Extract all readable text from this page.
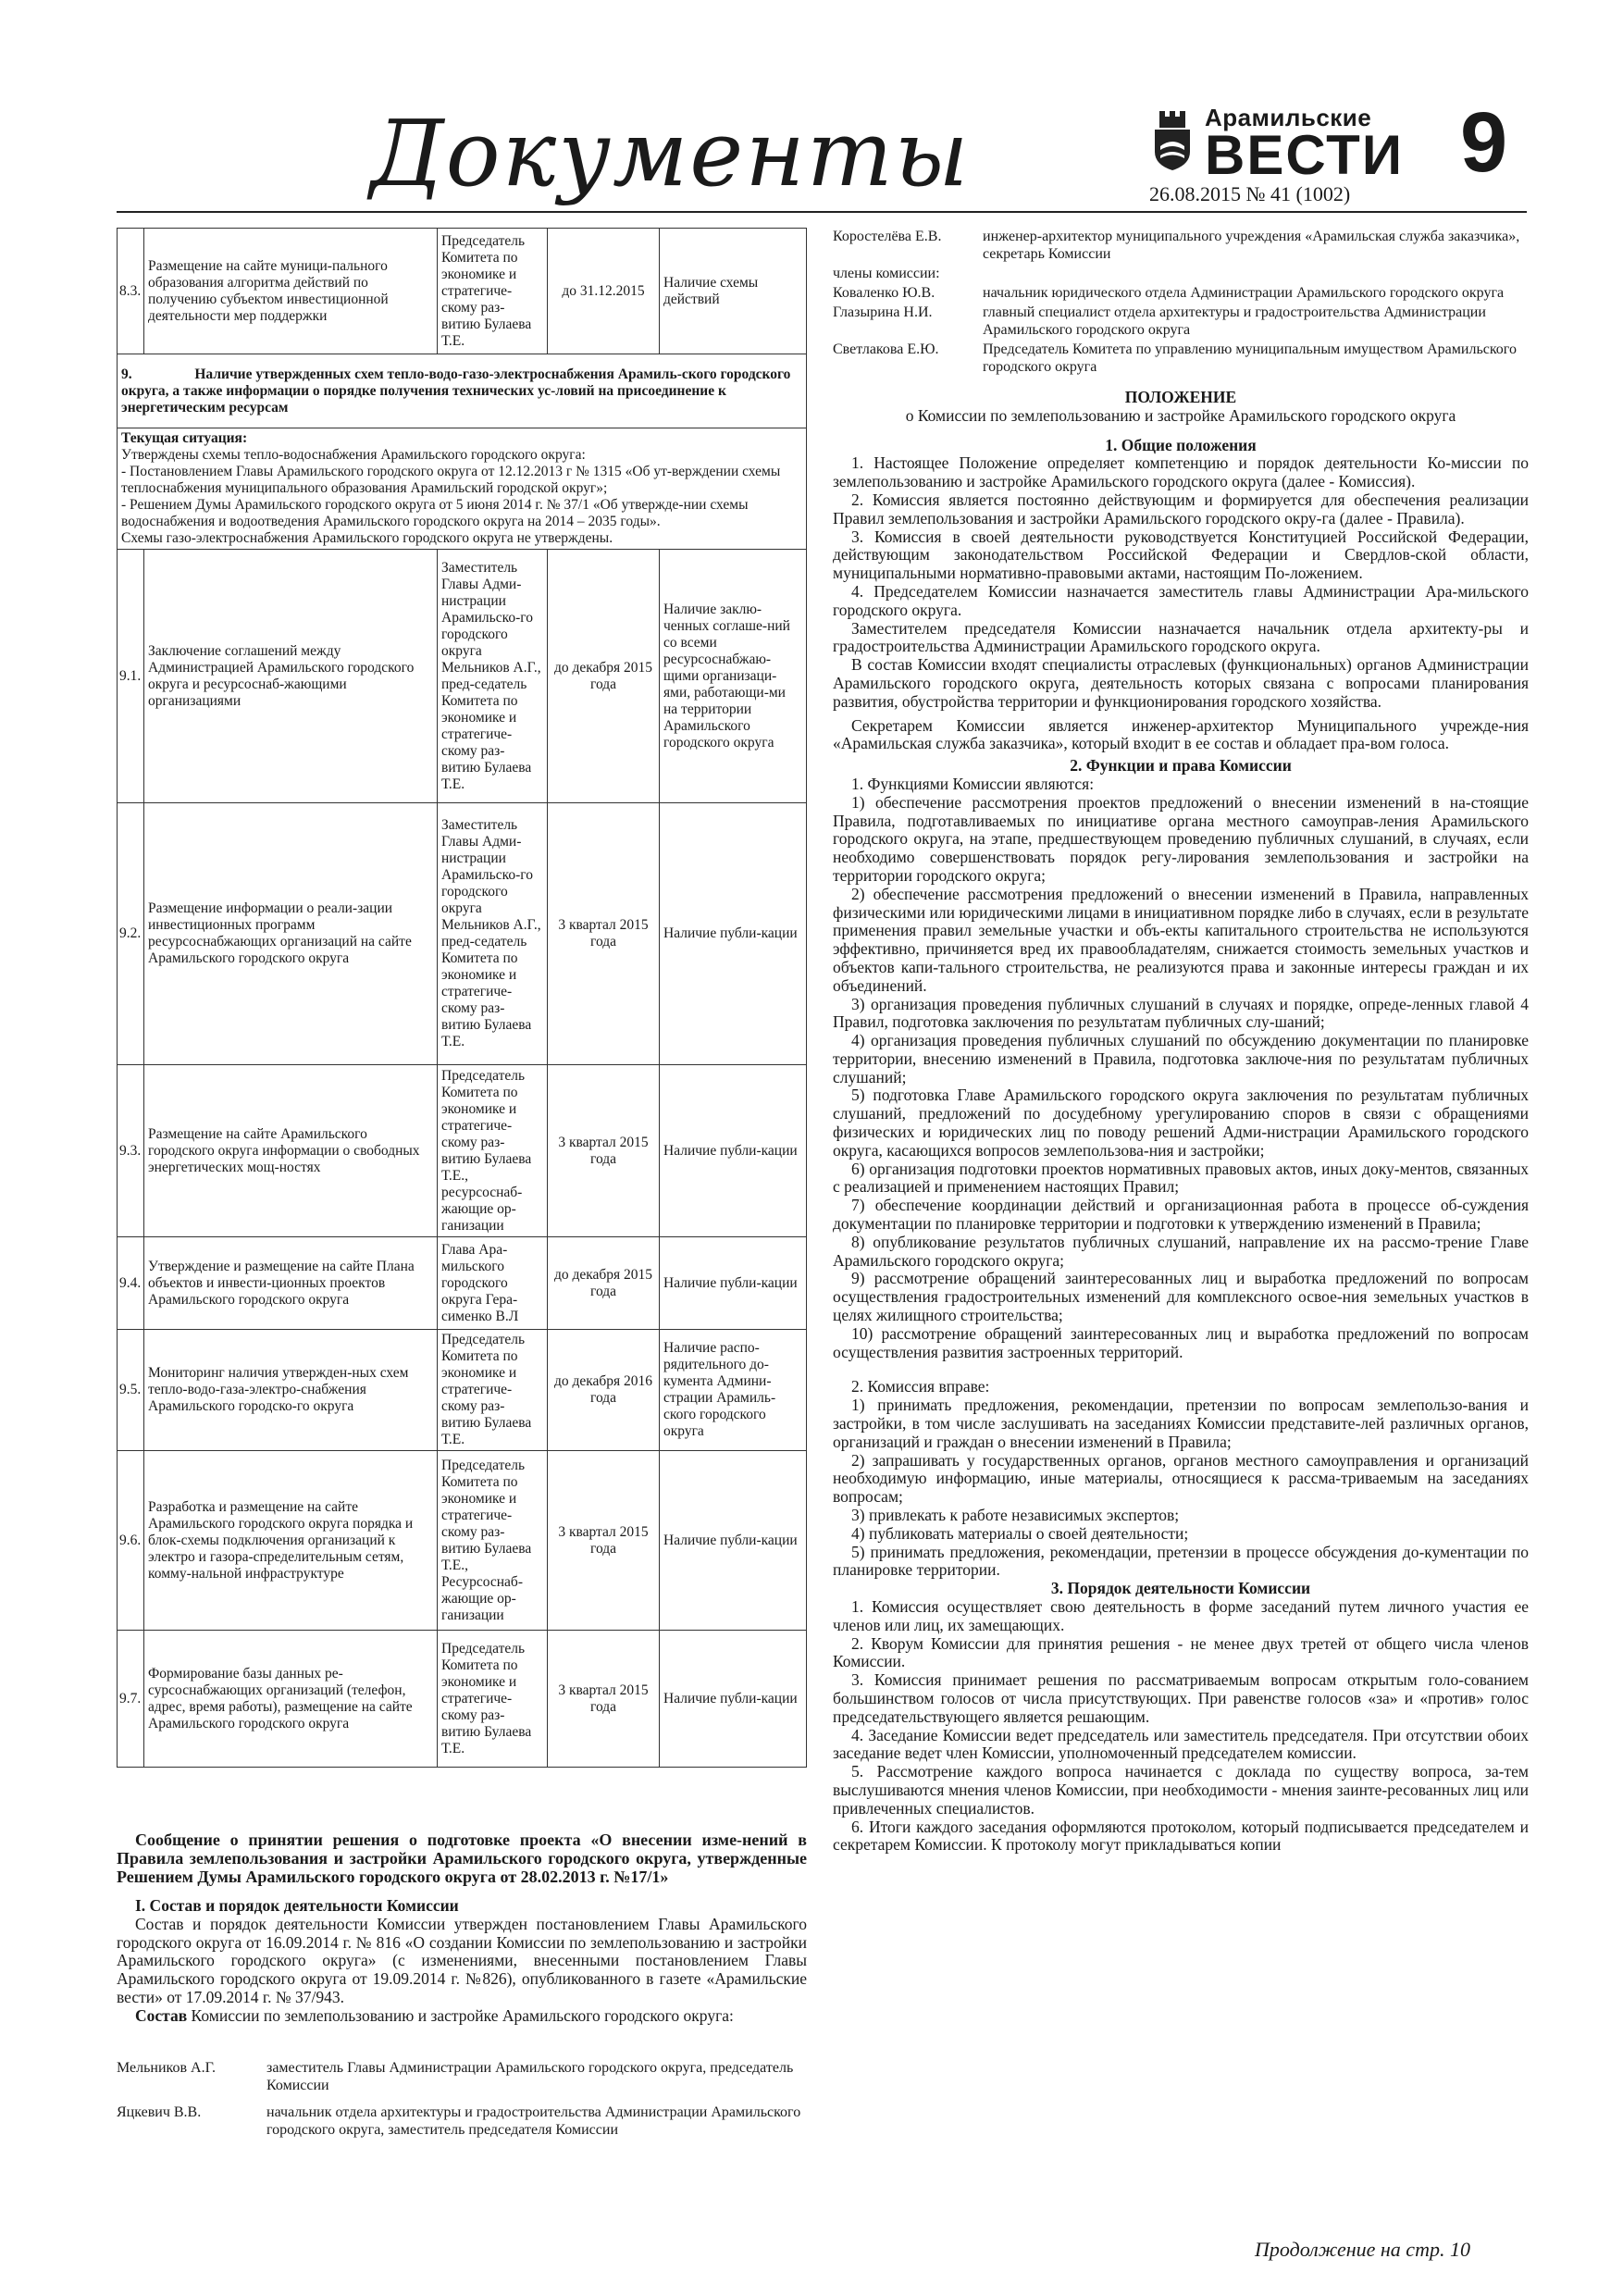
Документы	Арамильские
ВЕСТИ
26.08.2015 № 41 (1002)
9
8.3.	Размещение на сайте муници-пального образования алгоритма действий по получению субъектом инвестиционной деятельности мер поддержки	Председатель Комитета по экономике и стратегиче-скому раз-витию Булаева Т.Е.	до 31.12.2015	Наличие схемы действий
9. Наличие утвержденных схем тепло-водо-газо-электроснабжения Арамиль-ского городского округа, а также информации о порядке получения технических ус-ловий на присоединение к энергетическим ресурсам				

Текущая ситуация:
Утверждены схемы тепло-водоснабжения Арамильского городского округа:
- Постановлением Главы Арамильского городского округа от 12.12.2013 г № 1315 «Об ут-верждении схемы теплоснабжения муниципального образования Арамильский городской округ»;
- Решением Думы Арамильского городского округа от 5 июня 2014 г. № 37/1 «Об утвержде-нии схемы водоснабжения и водоотведения Арамильского городского округа на 2014 – 2035 годы».
Схемы газо-электроснабжения Арамильского городского округа не утверждены.				

9.1.	Заключение соглашений между Администрацией Арамильского городского округа и ресурсоснаб-жающими организациями	Заместитель Главы Адми-нистрации Арамильско-го городского округа Мельников А.Г., пред-седатель Комитета по экономике и стратегиче-скому раз-витию Булаева Т.Е.	до декабря 2015 года	Наличие заклю-ченных соглаше-ний со всеми ресурсоснабжаю-щими организаци-ями, работающи-ми на территории Арамильского городского округа
9.2.	Размещение информации о реали-зации инвестиционных программ ресурсоснабжающих организаций на сайте Арамильского городского округа	Заместитель Главы Адми-нистрации Арамильско-го городского округа Мельников А.Г., пред-седатель Комитета по экономике и стратегиче-скому раз-витию Булаева Т.Е.	3 квартал 2015 года	Наличие публи-кации
9.3.	Размещение на сайте Арамильского городского округа информации о свободных энергетических мощ-ностях	Председатель Комитета по экономике и стратегиче-скому раз-витию Булаева Т.Е., ресурсоснаб-жающие ор-ганизации	3 квартал 2015 года	Наличие публи-кации
9.4.	Утверждение и размещение на сайте Плана объектов и инвести-ционных проектов Арамильского городского округа	Глава Ара-мильского городского округа Гера-сименко В.Л	до декабря 2015 года	Наличие публи-кации
9.5.	Мониторинг наличия утвержден-ных схем тепло-водо-газа-электро-снабжения Арамильского городско-го округа	Председатель Комитета по экономике и стратегиче-скому раз-витию Булаева Т.Е.	до декабря 2016 года	Наличие распо-рядительного до-кумента Админи-страции Арамиль-ского городского округа
9.6.	Разработка и размещение на сайте Арамильского городского округа порядка и блок-схемы подключения организаций к электро и газора-спределительным сетям, комму-нальной инфраструктуре	Председатель Комитета по экономике и стратегиче-скому раз-витию Булаева Т.Е., Ресурсоснаб-жающие ор-ганизации	3 квартал 2015 года	Наличие публи-кации
9.7.	Формирование базы данных ре-сурсоснабжающих организаций (телефон, адрес, время работы), размещение на сайте Арамильского городского округа	Председатель Комитета по экономике и стратегиче-скому раз-витию Булаева Т.Е.	3 квартал 2015 года	Наличие публи-кации

Сообщение о принятии решения о подготовке проекта «О внесении изме-нений в Правила землепользования и застройки Арамильского городского округа, утвержденные Решением Думы Арамильского городского округа от 28.02.2013 г. №17/1»

I. Состав и порядок деятельности Комиссии

Состав и порядок деятельности Комиссии утвержден постановлением Главы Арамильского городского округа от 16.09.2014 г. № 816 «О создании Комиссии по землепользованию и застройки Арамильского городского округа» (с изменениями, внесенными постановлением Главы Арамильского городского округа от 19.09.2014 г. №826), опубликованного в газете «Арамильские вести» от 17.09.2014 г. № 37/943.

Состав Комиссии по землепользованию и застройке Арамильского городского округа:

Мельников А.Г.	заместитель Главы Администрации Арамильского городского округа, председатель Комиссии
Яцкевич В.В.	начальник отдела архитектуры и градостроительства Администрации Арамильского городского округа, заместитель председателя Комиссии
Коростелёва Е.В.	инженер-архитектор муниципального учреждения «Арамильская служба заказчика», секретарь Комиссии
члены комиссии:
Коваленко Ю.В.	начальник юридического отдела Администрации Арамильского городского округа
Глазырина Н.И.	главный специалист отдела архитектуры и градостроительства Администрации Арамильского городского округа
Светлакова Е.Ю.	Председатель Комитета по управлению муниципальным имуществом Арамильского городского округа

ПОЛОЖЕНИЕ

о Комиссии по землепользованию и застройке Арамильского городского округа

1. Общие положения

1. Настоящее Положение определяет компетенцию и порядок деятельности Ко-миссии по землепользованию и застройке Арамильского городского округа (далее - Комиссия).

2. Комиссия является постоянно действующим и формируется для обеспечения реализации Правил землепользования и застройки Арамильского городского окру-га (далее - Правила).

3. Комиссия в своей деятельности руководствуется Конституцией Российской Федерации, действующим законодательством Российской Федерации и Свердлов-ской области, муниципальными нормативно-правовыми актами, настоящим По-ложением.

4. Председателем Комиссии назначается заместитель главы Администрации Ара-мильского городского округа.

Заместителем председателя Комиссии назначается начальник отдела архитекту-ры и градостроительства Администрации Арамильского городского округа.

В состав Комиссии входят специалисты отраслевых (функциональных) органов Администрации Арамильского городского округа, деятельность которых связана с вопросами планирования развития, обустройства территории и функционирования городского хозяйства.

Секретарем Комиссии является инженер-архитектор Муниципального учрежде-ния «Арамильская служба заказчика», который входит в ее состав и обладает пра-вом голоса.

2. Функции и права Комиссии

1. Функциями Комиссии являются:

1) обеспечение рассмотрения проектов предложений о внесении изменений в на-стоящие Правила, подготавливаемых по инициативе органа местного самоуправ-ления Арамильского городского округа, на этапе, предшествующем проведению публичных слушаний, в случаях, если необходимо совершенствовать порядок регу-лирования землепользования и застройки на территории городского округа;

2) обеспечение рассмотрения предложений о внесении изменений в Правила, направленных физическими или юридическими лицами в инициативном порядке либо в случаях, если в результате применения правил земельные участки и объ-екты капитального строительства не используются эффективно, причиняется вред их правообладателям, снижается стоимость земельных участков и объектов капи-тального строительства, не реализуются права и законные интересы граждан и их объединений.

3) организация проведения публичных слушаний в случаях и порядке, опреде-ленных главой 4 Правил, подготовка заключения по результатам публичных слу-шаний;

4) организация проведения публичных слушаний по обсуждению документации по планировке территории, внесению изменений в Правила, подготовка заключе-ния по результатам публичных слушаний;

5) подготовка Главе Арамильского городского округа заключения по результатам публичных слушаний, предложений по досудебному урегулированию споров в связи с обращениями физических и юридических лиц по поводу решений Адми-нистрации Арамильского городского округа, касающихся вопросов землепользова-ния и застройки;

6) организация подготовки проектов нормативных правовых актов, иных доку-ментов, связанных с реализацией и применением настоящих Правил;

7) обеспечение координации действий и организационная работа в процессе об-суждения документации по планировке территории и подготовки к утверждению изменений в Правила;

8) опубликование результатов публичных слушаний, направление их на рассмо-трение Главе Арамильского городского округа;

9) рассмотрение обращений заинтересованных лиц и выработка предложений по вопросам осуществления градостроительных изменений для комплексного освое-ния земельных участков в целях жилищного строительства;

10) рассмотрение обращений заинтересованных лиц и выработка предложений по вопросам осуществления развития застроенных территорий.

2. Комиссия вправе:

1) принимать предложения, рекомендации, претензии по вопросам землепользо-вания и застройки, в том числе заслушивать на заседаниях Комиссии представите-лей различных органов, организаций и граждан о внесении изменений в Правила;

2) запрашивать у государственных органов, органов местного самоуправления и организаций необходимую информацию, иные материалы, относящиеся к рассма-триваемым на заседаниях вопросам;

3) привлекать к работе независимых экспертов;

4) публиковать материалы о своей деятельности;

5) принимать предложения, рекомендации, претензии в процессе обсуждения до-кументации по планировке территории.

3. Порядок деятельности Комиссии

1. Комиссия осуществляет свою деятельность в форме заседаний путем личного участия ее членов или лиц, их замещающих.

2. Кворум Комиссии для принятия решения - не менее двух третей от общего числа членов Комиссии.

3. Комиссия принимает решения по рассматриваемым вопросам открытым голо-сованием большинством голосов от числа присутствующих. При равенстве голосов «за» и «против» голос председательствующего является решающим.

4. Заседание Комиссии ведет председатель или заместитель председателя. При отсутствии обоих заседание ведет член Комиссии, уполномоченный председателем комиссии.

5. Рассмотрение каждого вопроса начинается с доклада по существу вопроса, за-тем выслушиваются мнения членов Комиссии, при необходимости - мнения заинте-ресованных лиц или привлеченных специалистов.

6. Итоги каждого заседания оформляются протоколом, который подписывается председателем и секретарем Комиссии. К протоколу могут прикладываться копии

Продолжение на стр. 10
